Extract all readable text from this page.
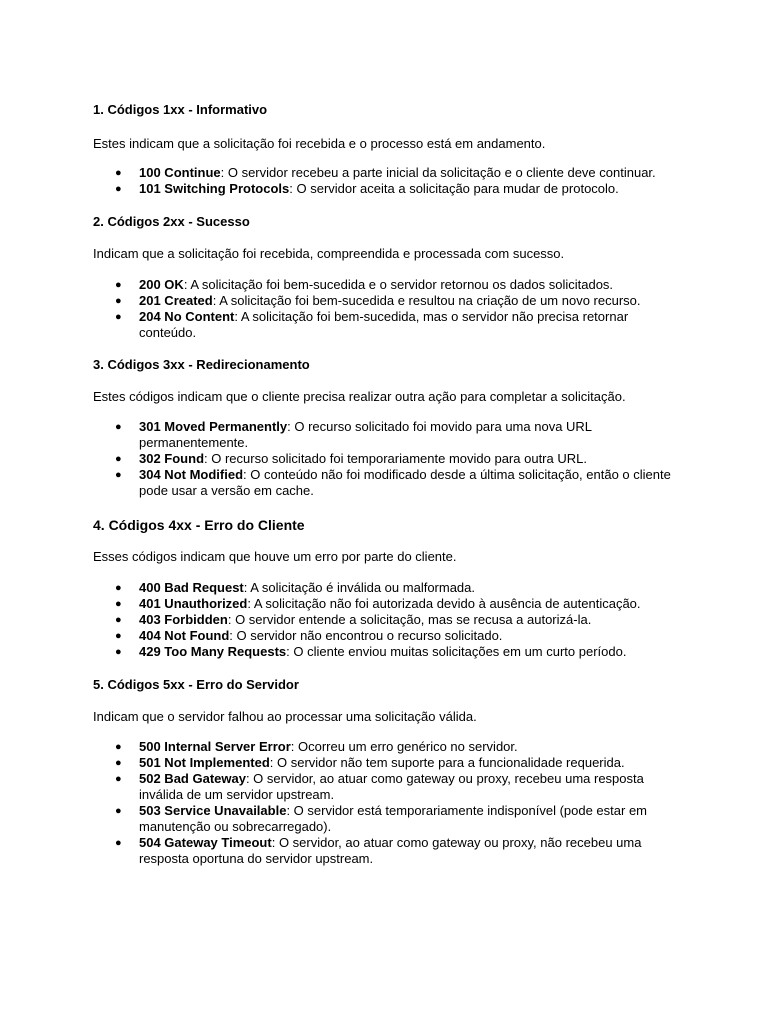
1. Códigos 1xx - Informativo

Estes indicam que a solicitação foi recebida e o processo está em andamento.

● 100 Continue: O servidor recebeu a parte inicial da solicitação e o cliente deve continuar.
● 101 Switching Protocols: O servidor aceita a solicitação para mudar de protocolo.

2. Códigos 2xx - Sucesso

Indicam que a solicitação foi recebida, compreendida e processada com sucesso.

● 200 OK: A solicitação foi bem-sucedida e o servidor retornou os dados solicitados.
● 201 Created: A solicitação foi bem-sucedida e resultou na criação de um novo recurso.
● 204 No Content: A solicitação foi bem-sucedida, mas o servidor não precisa retornar conteúdo.

3. Códigos 3xx - Redirecionamento

Estes códigos indicam que o cliente precisa realizar outra ação para completar a solicitação.

● 301 Moved Permanently: O recurso solicitado foi movido para uma nova URL permanentemente.
● 302 Found: O recurso solicitado foi temporariamente movido para outra URL.
● 304 Not Modified: O conteúdo não foi modificado desde a última solicitação, então o cliente pode usar a versão em cache.

4. Códigos 4xx - Erro do Cliente

Esses códigos indicam que houve um erro por parte do cliente.

● 400 Bad Request: A solicitação é inválida ou malformada.
● 401 Unauthorized: A solicitação não foi autorizada devido à ausência de autenticação.
● 403 Forbidden: O servidor entende a solicitação, mas se recusa a autorizá-la.
● 404 Not Found: O servidor não encontrou o recurso solicitado.
● 429 Too Many Requests: O cliente enviou muitas solicitações em um curto período.

5. Códigos 5xx - Erro do Servidor

Indicam que o servidor falhou ao processar uma solicitação válida.

● 500 Internal Server Error: Ocorreu um erro genérico no servidor.
● 501 Not Implemented: O servidor não tem suporte para a funcionalidade requerida.
● 502 Bad Gateway: O servidor, ao atuar como gateway ou proxy, recebeu uma resposta inválida de um servidor upstream.
● 503 Service Unavailable: O servidor está temporariamente indisponível (pode estar em manutenção ou sobrecarregado).
● 504 Gateway Timeout: O servidor, ao atuar como gateway ou proxy, não recebeu uma resposta oportuna do servidor upstream.
